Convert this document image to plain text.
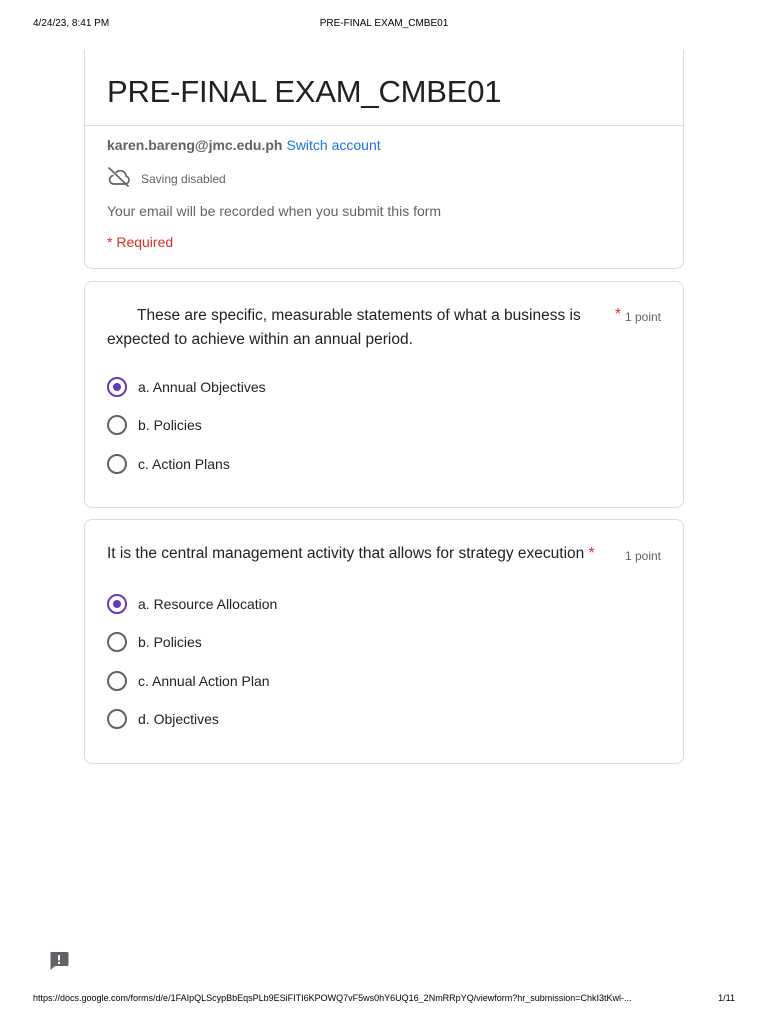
4/24/23, 8:41 PM	PRE-FINAL EXAM_CMBE01
PRE-FINAL EXAM_CMBE01
karen.bareng@jmc.edu.ph Switch account
Saving disabled
Your email will be recorded when you submit this form
* Required
These are specific, measurable statements of what a business is expected to achieve within an annual period.
* 1 point
a. Annual Objectives
b. Policies
c. Action Plans
It is the central management activity that allows for strategy execution *	1 point
a. Resource Allocation
b. Policies
c. Annual Action Plan
d. Objectives
https://docs.google.com/forms/d/e/1FAIpQLScypBbEqsPLb9ESiFITI6KPOWQ7vF5ws0hY6UQ16_2NmRRpYQ/viewform?hr_submission=ChkI3tKwl-...	1/11
